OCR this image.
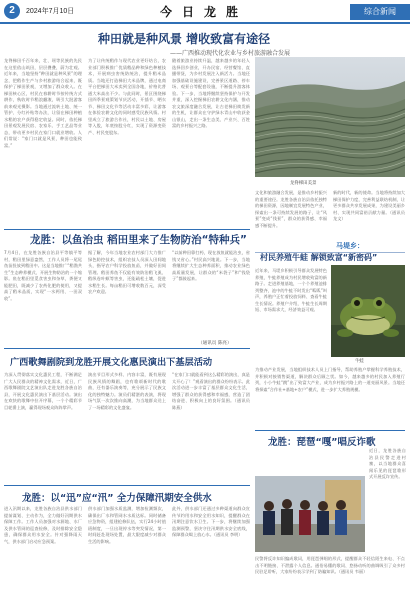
2	2024年7月10日	今日龙胜	综合新闻
种田就是种风景 增收致富有途径
——广西推动现代化农业与乡村旅游融合发展
龙脊梯田千百年来，壮、瑶等民族的先民在这里依山筑田，层层叠叠，蔚为壮观。近年来，当地坚持“种田就是种风景”的理念，把稻作生产与乡村旅游结合起来，既保护了梯田景观，又增加了群众收入。在梯田核心区，村民在春耕时节按传统方式耕作，秋收时节稻浪翻滚，吸引大批游客前来观光摄影。当地通过流转土地、统一管护、分红补贴等办法，让留在梯田种植水稻的农户获得稳定收益。同时，依托梯田景观发展民宿、农家乐、手工艺品等业态，带动更多村民在家门口就业增收。人们常说：“家门口就是风景，种田也能致富。”
为了让传统稻作与现代农业更好结合，农业部门积极推广优质稻品种和绿色种植技术，开展病虫害统防统治，提升稻米品质。当地还打造梯田大米品牌，通过电商平台把梯田大米卖到全国各地，价格比普通大米高出不少。与此同时，景区围绕梯田四季景观策划节庆活动，开插节、晒衣节、梯田文化节等活动丰富多彩，让游客在体验农耕文化的同时感受民族风情。村里成立了旅游合作社，村民以土地、房屋等入股，年底按股分红，实现了资源变资产、村民变股东。
随着旅游业持续升温，越来越多的年轻人选择回乡创业，开办民宿、经营餐馆、直播带货，为乡村发展注入新活力。当地还加强基础设施建设，完善景区道路、停车场、观景台等配套设施，不断提升游客体验。下一步，当地将继续坚持保护与开发并重，深入挖掘梯田农耕文化内涵，推动农文旅深度融合发展，让古老梯田焕发新的生机，让群众在守护绿水青山中收获金山银山，走出一条生态美、产业兴、百姓富的乡村振兴之路。
龙脊梯田美景
文化和旅游融合发展，是推动乡村振兴的重要途径。龙胜各族自治县依托独特的梯田资源，因地制宜发展特色产业，探索出一条可持续发展的路子，让“风景”变成“钱景”，群众的获得感、幸福感不断提升。
新的时代，新的使命。当地将持续加大梯田保护力度，完善利益联结机制，让更多群众共享发展成果，为建设美丽乡村、实现共同富裕贡献力量。（通讯员 龙文）
龙胜：以鱼治虫 稻田里来了生物防治“特种兵”
7月4日，在龙胜各族自治县平等镇平等村，稻田里绿意盎然，工作人员将一尾尾鱼苗投放到稻田中。这是当地推广“稻渔共生”生态种养模式、开展生物防治的一个缩影。鱼在稻田里觅食害虫和杂草，粪便又能肥田，既减少了农药化肥的使用，又提高了稻米品质，实现“一水两用、一田双收”。
据了解，今年当地农业农村部门大力推广绿色防控技术，组织农技人员深入田间地头，指导农户科学投放鱼苗，并做好田间管理。稻田养鱼不仅能有效防治稻飞虱、稻纵卷叶螟等害虫，还能疏松土壤，促进水稻生长。每亩稻田可增收数百元，深受农户欢迎。
“以前种田靠打药，现在放鱼就能治虫，省钱又省心。”村民高兴地说。下一步，当地将继续扩大生态种养面积，推动农业绿色高质量发展，让群众的“米袋子”和“钱袋子”都鼓起来。
（通讯员 陈亮）
马堤乡：
村民养殖牛蛙 解锁致富“新密码”
近年来，马堤乡积极引导群众发展特色养殖，牛蛙养殖成为村民增收致富的新路子。走进养殖基地，一个个养殖池排列整齐，池中的牛蛙不时发出“呱呱”叫声，养殖户正忙着投放饲料、查看牛蛙生长情况。养殖户介绍，牛蛙生长周期短、市场需求大，经济效益可观。
牛蛙
为推动产业发展，当地组织技术人员上门指导，帮助养殖户掌握科学养殖技术，并积极对接销售渠道，解决群众后顾之忧。如今，越来越多的村民加入养殖行列，小小牛蛙“跳”出了致富大产业，成为乡村振兴路上的一道亮丽风景。当地还将探索“合作社+基地+农户”模式，进一步扩大养殖规模。
广西歌舞剧院到龙胜开展文化惠民演出下基层活动
为深入贯彻落实文化惠民工程，不断满足广大人民群众的精神文化需求，近日，广西歌舞剧院文艺演出队走进龙胜各族自治县，开展文化惠民演出下基层活动。演出在欢快的歌舞中拉开序幕，一个个精彩节目轮番上演，赢得现场观众阵阵掌声。
演出节目形式多样、内容丰富，既有展现民族风情的舞蹈，也有歌颂新时代的歌曲，还有器乐演奏等，充分展示了民族文化的独特魅力。演员们精湛的表演，将现场气氛一次次推向高潮，为当地群众送上了一场精彩的文化盛宴。
“在家门口就能看到这么精彩的演出，真是太开心了！”观看演出的群众纷纷表示。此次活动进一步丰富了基层群众文化生活，增强了群众的获得感和幸福感，营造了团结奋进、积极向上的良好氛围。（通讯员 陈燕）
龙胜：以“迅”应“汛” 全力保障汛期安全供水
进入汛期以来，龙胜各族自治县供水部门提前谋划、主动作为，全力做好汛期供水保障工作。工作人员加强对水源地、水厂及供水管网的巡查检修，及时排除安全隐患，确保群众用水安全。针对强降雨天气，供水部门启动应急预案。
供水部门加强水质监测，增加检测频次，确保出厂水和管网水水质达标。同时储备应急物资，组建抢修队伍，实行24小时值班制度，一旦出现停水等突发情况，第一时间赶赴现场处置，最大限度减少对群众生活的影响。
此外，供水部门还通过多种渠道向群众宣传节约用水和安全用水知识，提醒群众在汛期注意饮水卫生。下一步，将继续加强监测预警，坚决守住汛期供水安全底线，保障群众喝上放心水。（通讯员 李明）
龙胜：琵琶“嘎”唱反诈歌
近日，龙胜各族自治县民警走进村寨，以当地群众喜闻乐见的琵琶歌形式开展反诈宣传。
民警将反诈知识编成歌词，用琵琶弹唱的形式，提醒群众不轻信陌生来电、不点击不明链接、不泄露个人信息。通俗易懂的歌词、悠扬动听的曲调吸引了众多村民驻足聆听，大家纷纷表示学到了防骗知识。（通讯员 韦丽）
